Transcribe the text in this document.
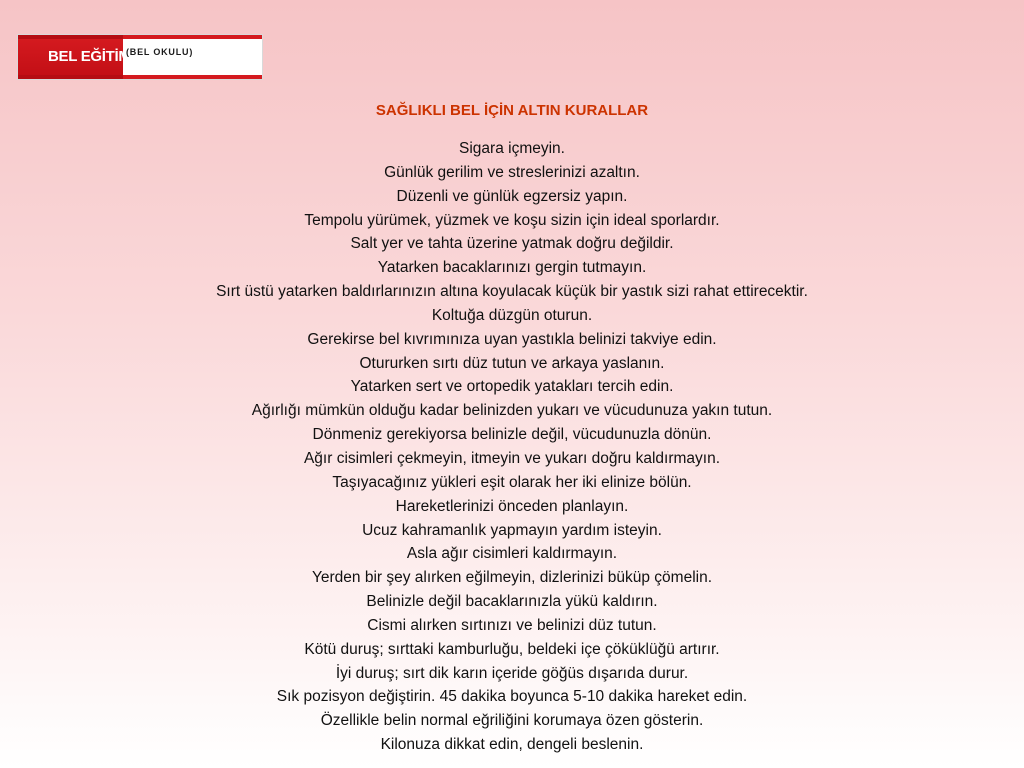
BEL EĞİTİMİ
(BEL OKULU)
SAĞLIKLI BEL İÇİN ALTIN KURALLAR
Sigara içmeyin.
Günlük gerilim ve streslerinizi azaltın.
Düzenli ve günlük egzersiz yapın.
Tempolu yürümek, yüzmek ve koşu sizin için ideal sporlardır.
Salt yer ve tahta üzerine yatmak doğru değildir.
Yatarken bacaklarınızı gergin tutmayın.
Sırt üstü yatarken baldırlarınızın altına koyulacak küçük bir yastık sizi rahat ettirecektir.
Koltuğa düzgün oturun.
Gerekirse bel kıvrımınıza uyan yastıkla belinizi takviye edin.
Otururken sırtı düz tutun ve arkaya yaslanın.
Yatarken sert ve ortopedik yatakları tercih edin.
Ağırlığı mümkün olduğu kadar belinizden yukarı ve vücudunuza yakın tutun.
Dönmeniz gerekiyorsa belinizle değil, vücudunuzla dönün.
Ağır cisimleri çekmeyin, itmeyin ve yukarı doğru kaldırmayın.
Taşıyacağınız yükleri eşit olarak her iki elinize bölün.
Hareketlerinizi önceden planlayın.
Ucuz kahramanlık yapmayın yardım isteyin.
Asla ağır cisimleri kaldırmayın.
Yerden bir şey alırken eğilmeyin, dizlerinizi büküp çömelin.
Belinizle değil bacaklarınızla yükü kaldırın.
Cismi alırken sırtınızı ve belinizi düz tutun.
Kötü duruş; sırttaki kamburluğu, beldeki içe çöküklüğü artırır.
İyi duruş; sırt dik karın içeride göğüs dışarıda durur.
Sık pozisyon değiştirin. 45 dakika boyunca 5-10 dakika hareket edin.
Özellikle belin normal eğriliğini korumaya özen gösterin.
Kilonuza dikkat edin, dengeli beslenin.
